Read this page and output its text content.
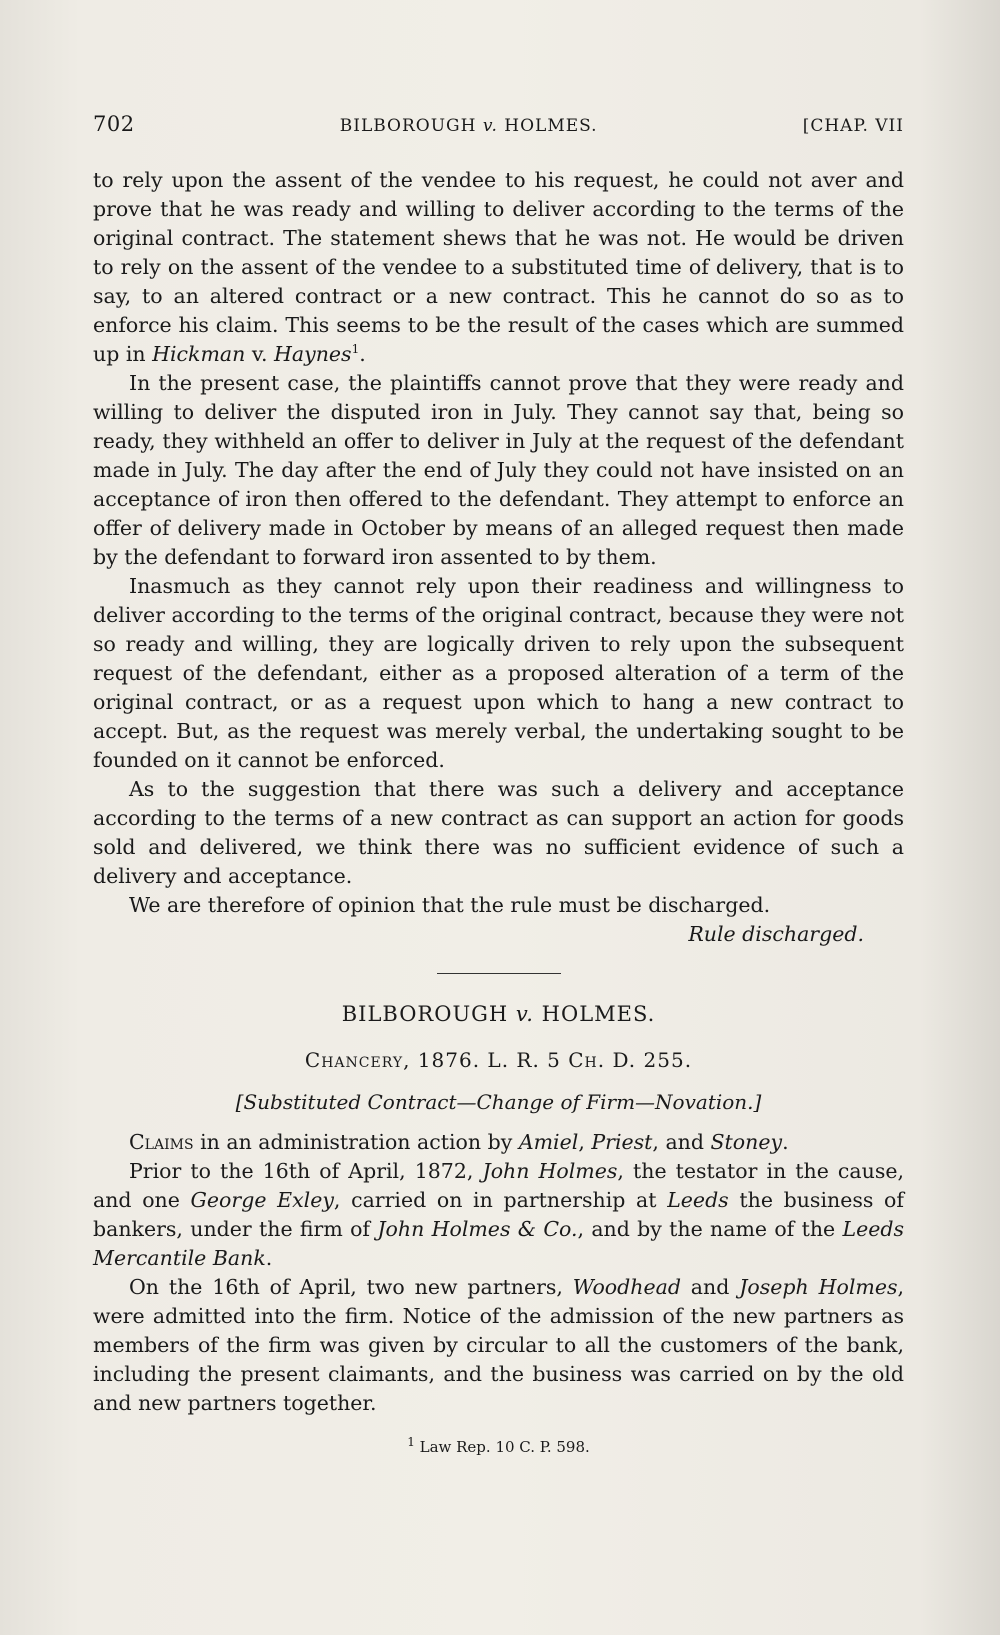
702	BILBOROUGH v. HOLMES.	[CHAP. VII

to rely upon the assent of the vendee to his request, he could not aver and prove that he was ready and willing to deliver according to the terms of the original contract. The statement shews that he was not. He would be driven to rely on the assent of the vendee to a substituted time of delivery, that is to say, to an altered contract or a new contract. This he cannot do so as to enforce his claim. This seems to be the result of the cases which are summed up in Hickman v. Haynes$^1$.

In the present case, the plaintiffs cannot prove that they were ready and willing to deliver the disputed iron in July. They cannot say that, being so ready, they withheld an offer to deliver in July at the request of the defendant made in July. The day after the end of July they could not have insisted on an acceptance of iron then offered to the defendant. They attempt to enforce an offer of delivery made in October by means of an alleged request then made by the defendant to forward iron assented to by them.

Inasmuch as they cannot rely upon their readiness and willingness to deliver according to the terms of the original contract, because they were not so ready and willing, they are logically driven to rely upon the subsequent request of the defendant, either as a proposed alteration of a term of the original contract, or as a request upon which to hang a new contract to accept. But, as the request was merely verbal, the undertaking sought to be founded on it cannot be enforced.

As to the suggestion that there was such a delivery and acceptance according to the terms of a new contract as can support an action for goods sold and delivered, we think there was no sufficient evidence of such a delivery and acceptance.

We are therefore of opinion that the rule must be discharged.

Rule discharged.

BILBOROUGH v. HOLMES.
Chancery, 1876. L. R. 5 Ch. D. 255.
[Substituted Contract—Change of Firm—Novation.]

Claims in an administration action by Amiel, Priest, and Stoney.

Prior to the 16th of April, 1872, John Holmes, the testator in the cause, and one George Exley, carried on in partnership at Leeds the business of bankers, under the firm of John Holmes & Co., and by the name of the Leeds Mercantile Bank.

On the 16th of April, two new partners, Woodhead and Joseph Holmes, were admitted into the firm. Notice of the admission of the new partners as members of the firm was given by circular to all the customers of the bank, including the present claimants, and the business was carried on by the old and new partners together.

$^1$ Law Rep. 10 C. P. 598.
